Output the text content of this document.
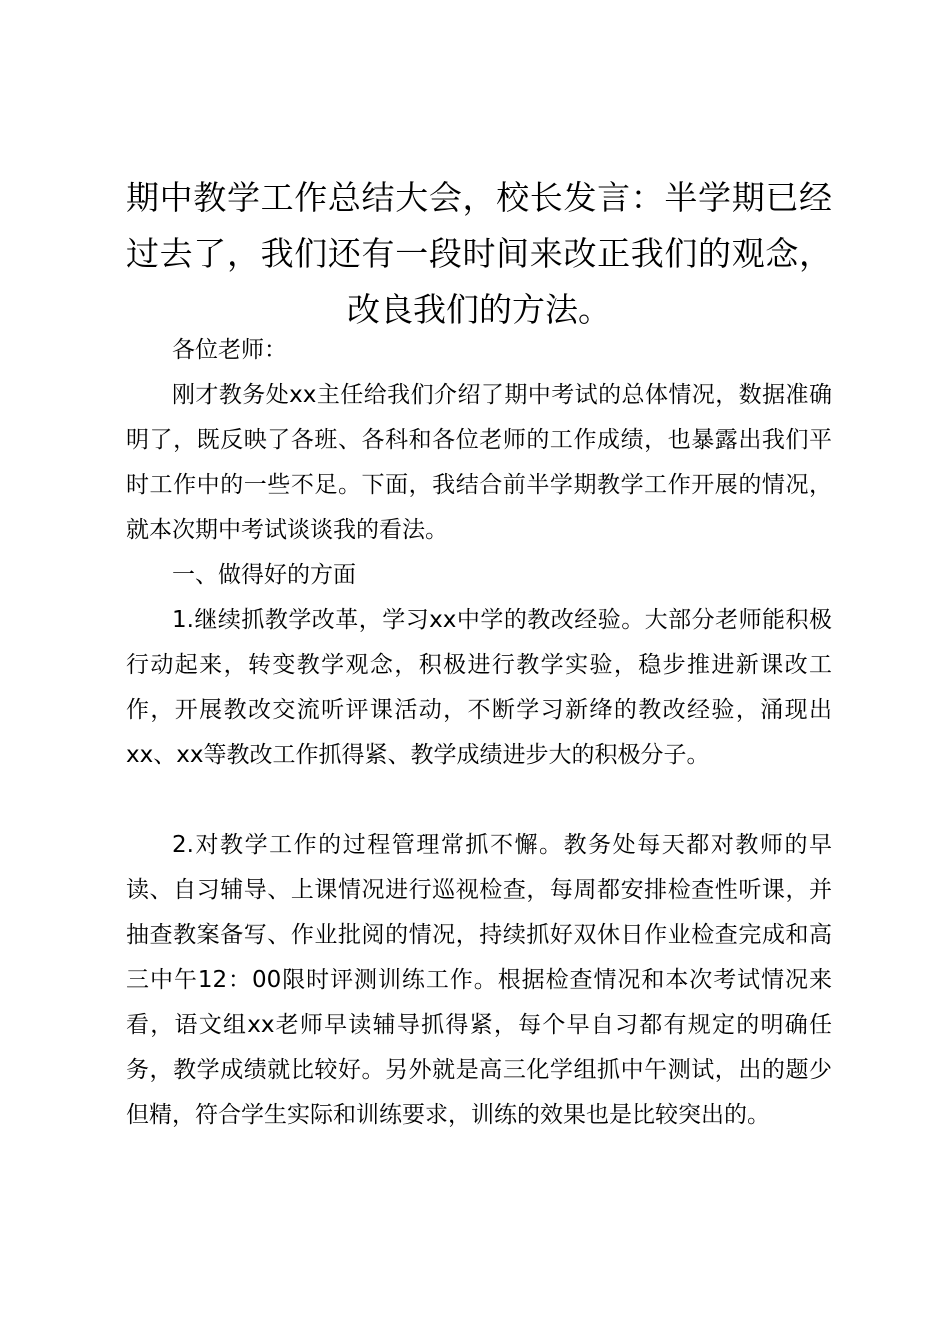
期中教学工作总结大会，校长发言：半学期已经过去了，我们还有一段时间来改正我们的观念，改良我们的方法。

各位老师：

刚才教务处xx主任给我们介绍了期中考试的总体情况，数据准确明了，既反映了各班、各科和各位老师的工作成绩，也暴露出我们平时工作中的一些不足。下面，我结合前半学期教学工作开展的情况，就本次期中考试谈谈我的看法。

一、做得好的方面

1.继续抓教学改革，学习xx中学的教改经验。大部分老师能积极行动起来，转变教学观念，积极进行教学实验，稳步推进新课改工作，开展教改交流听评课活动，不断学习新绛的教改经验，涌现出xx、xx等教改工作抓得紧、教学成绩进步大的积极分子。

2.对教学工作的过程管理常抓不懈。教务处每天都对教师的早读、自习辅导、上课情况进行巡视检查，每周都安排检查性听课，并抽查教案备写、作业批阅的情况，持续抓好双休日作业检查完成和高三中午12：00限时评测训练工作。根据检查情况和本次考试情况来看，语文组xx老师早读辅导抓得紧，每个早自习都有规定的明确任务，教学成绩就比较好。另外就是高三化学组抓中午测试，出的题少但精，符合学生实际和训练要求，训练的效果也是比较突出的。
